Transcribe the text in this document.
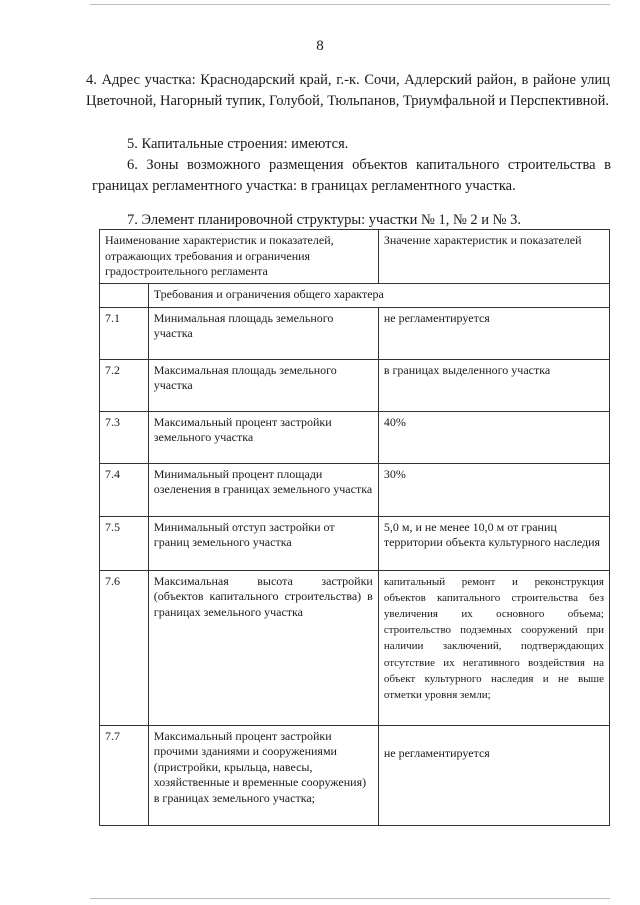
8

4. Адрес участка: Краснодарский край, г.-к. Сочи, Адлерский район, в районе улиц Цветочной, Нагорный тупик, Голубой, Тюльпанов, Триумфальной и Перспективной.

5. Капитальные строения: имеются.

6. Зоны возможного размещения объектов капитального строительства в границах регламентного участка: в границах регламентного участка.

7. Элемент планировочной структуры: участки № 1, № 2 и № 3.

Наименование характеристик и показателей, отражающих требования и ограничения градостроительного регламента		Значение характеристик и показателей
	Требования и ограничения общего характера	
7.1	Минимальная площадь земельного участка	не регламентируется
7.2	Максимальная площадь земельного участка	в границах выделенного участка
7.3	Максимальный процент застройки земельного участка	40%
7.4	Минимальный процент площади озеленения в границах земельного участка	30%
7.5	Минимальный отступ застройки от границ земельного участка	5,0 м, и не менее 10,0 м от границ территории объекта культурного наследия
7.6	Максимальная высота застройки (объектов капитального строительства) в границах земельного участка	капитальный ремонт и реконструкция объектов капитального строительства без увеличения их основного объема; строительство подземных сооружений при наличии заключений, подтверждающих отсутствие их негативного воздействия на объект культурного наследия и не выше отметки уровня земли;
7.7	Максимальный процент застройки прочими зданиями и сооружениями (пристройки, крыльца, навесы, хозяйственные и временные сооружения) в границах земельного участка;	не регламентируется
